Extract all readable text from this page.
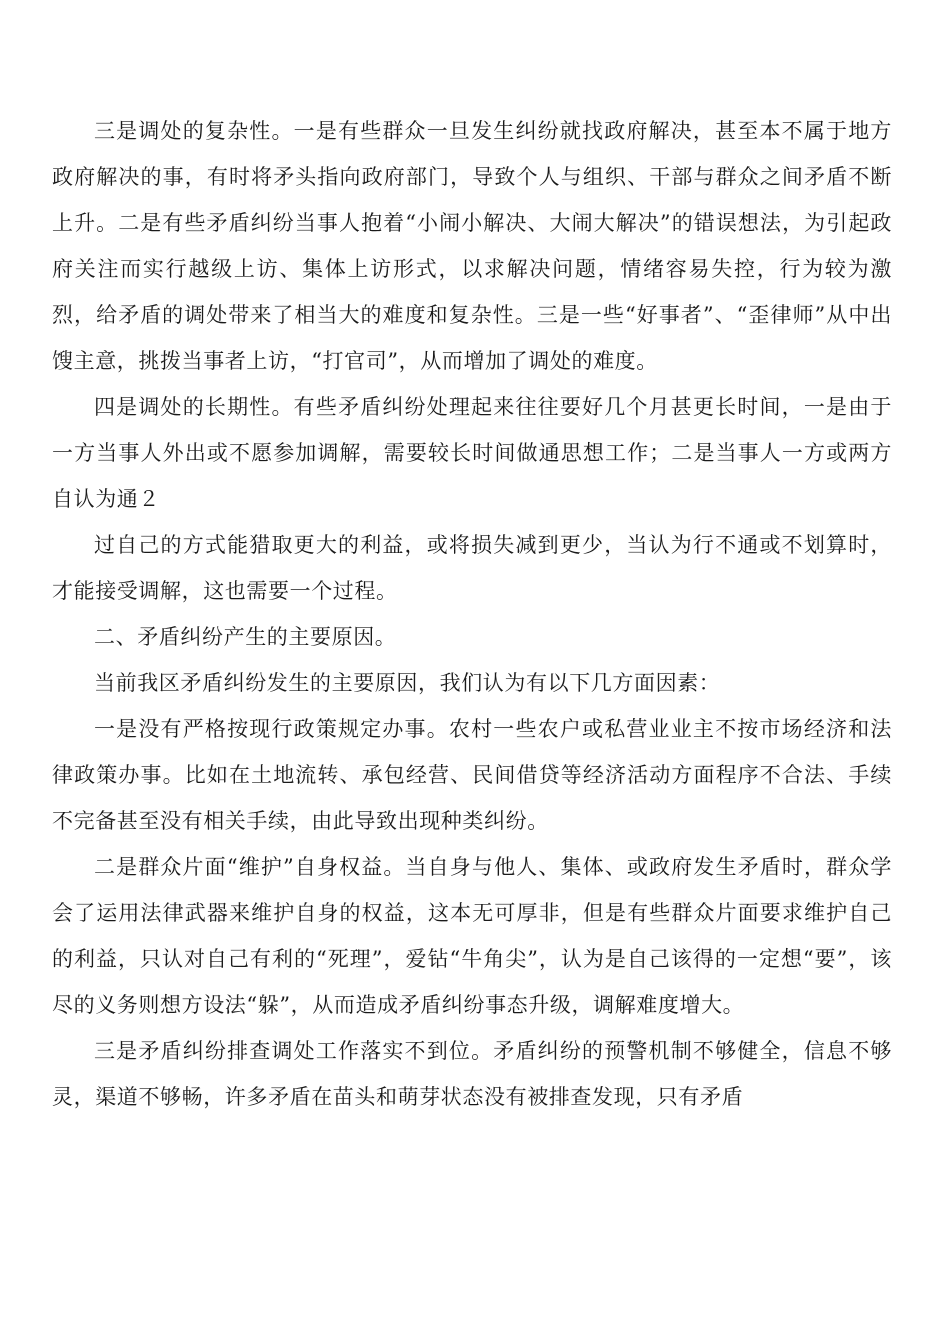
三是调处的复杂性。一是有些群众一旦发生纠纷就找政府解决，甚至本不属于地方政府解决的事，有时将矛头指向政府部门，导致个人与组织、干部与群众之间矛盾不断上升。二是有些矛盾纠纷当事人抱着“小闹小解决、大闹大解决”的错误想法，为引起政府关注而实行越级上访、集体上访形式，以求解决问题，情绪容易失控，行为较为激烈，给矛盾的调处带来了相当大的难度和复杂性。三是一些“好事者”、“歪律师”从中出馊主意，挑拨当事者上访，“打官司”，从而增加了调处的难度。

四是调处的长期性。有些矛盾纠纷处理起来往往要好几个月甚更长时间，一是由于一方当事人外出或不愿参加调解，需要较长时间做通思想工作；二是当事人一方或两方自认为通２

过自己的方式能猎取更大的利益，或将损失减到更少，当认为行不通或不划算时，才能接受调解，这也需要一个过程。

二、矛盾纠纷产生的主要原因。

当前我区矛盾纠纷发生的主要原因，我们认为有以下几方面因素：

一是没有严格按现行政策规定办事。农村一些农户或私营业业主不按市场经济和法律政策办事。比如在土地流转、承包经营、民间借贷等经济活动方面程序不合法、手续不完备甚至没有相关手续，由此导致出现种类纠纷。

二是群众片面“维护”自身权益。当自身与他人、集体、或政府发生矛盾时，群众学会了运用法律武器来维护自身的权益，这本无可厚非，但是有些群众片面要求维护自己的利益，只认对自己有利的“死理”，爱钻“牛角尖”，认为是自己该得的一定想“要”，该尽的义务则想方设法“躲”，从而造成矛盾纠纷事态升级，调解难度增大。

三是矛盾纠纷排查调处工作落实不到位。矛盾纠纷的预警机制不够健全，信息不够灵，渠道不够畅，许多矛盾在苗头和萌芽状态没有被排查发现，只有矛盾
